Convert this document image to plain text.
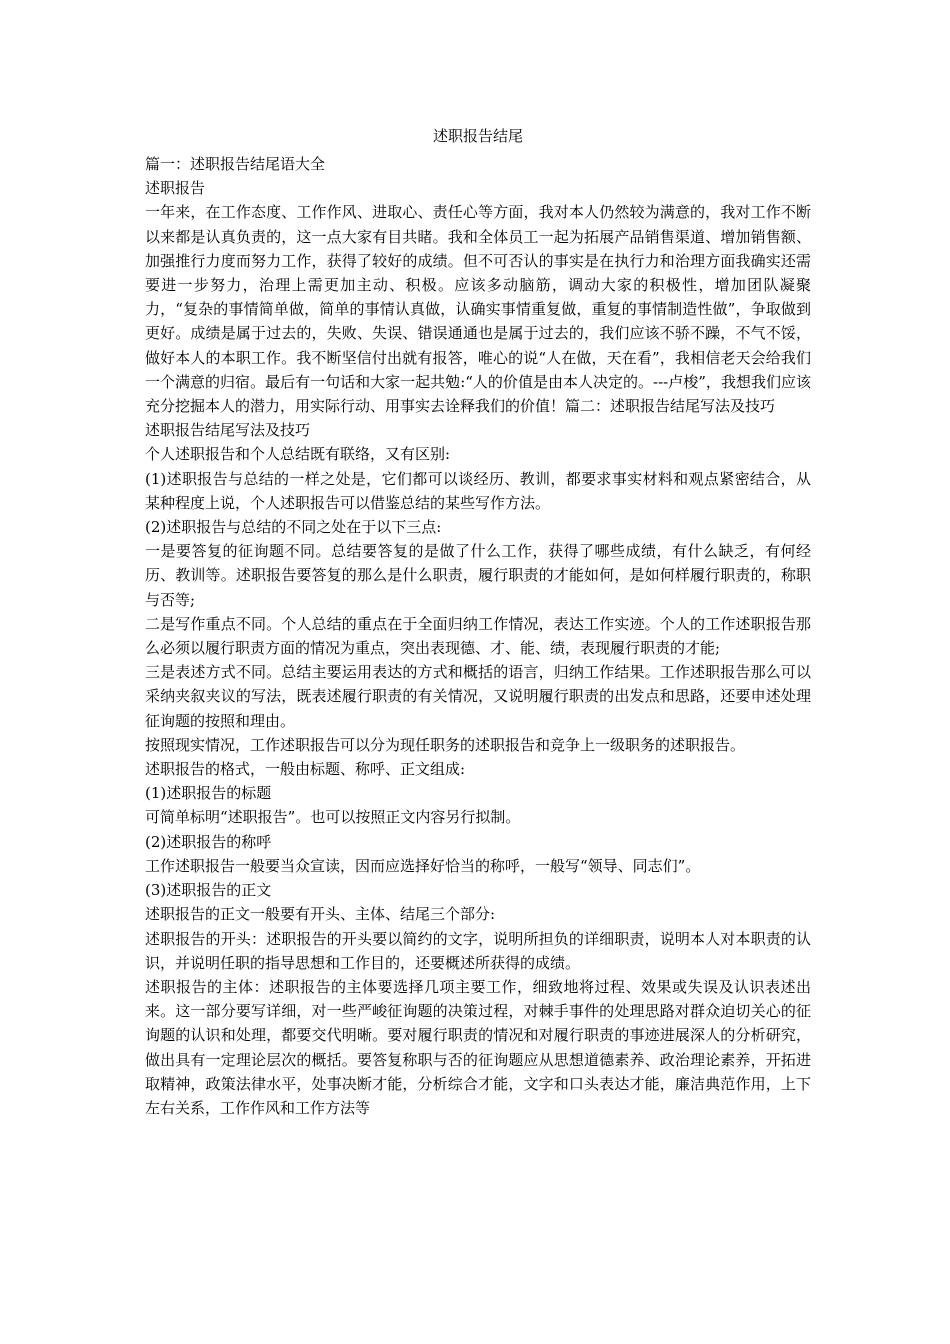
述职报告结尾

篇一：述职报告结尾语大全

述职报告

一年来，在工作态度、工作作风、进取心、责任心等方面，我对本人仍然较为满意的，我对工作不断以来都是认真负责的，这一点大家有目共睹。我和全体员工一起为拓展产品销售渠道、增加销售额、加强推行力度而努力工作，获得了较好的成绩。但不可否认的事实是在执行力和治理方面我确实还需要进一步努力，治理上需更加主动、积极。应该多动脑筋，调动大家的积极性，增加团队凝聚力，“复杂的事情简单做，简单的事情认真做，认确实事情重复做，重复的事情制造性做”，争取做到更好。成绩是属于过去的，失败、失误、错误通通也是属于过去的，我们应该不骄不躁，不气不馁，做好本人的本职工作。我不断坚信付出就有报答，唯心的说“人在做，天在看”，我相信老天会给我们一个满意的归宿。最后有一句话和大家一起共勉:“人的价值是由本人决定的。---卢梭”，我想我们应该充分挖掘本人的潜力，用实际行动、用事实去诠释我们的价值！篇二：述职报告结尾写法及技巧

述职报告结尾写法及技巧

个人述职报告和个人总结既有联络，又有区别:

(1)述职报告与总结的一样之处是，它们都可以谈经历、教训，都要求事实材料和观点紧密结合，从某种程度上说，个人述职报告可以借鉴总结的某些写作方法。

(2)述职报告与总结的不同之处在于以下三点:

一是要答复的征询题不同。总结要答复的是做了什么工作，获得了哪些成绩，有什么缺乏，有何经历、教训等。述职报告要答复的那么是什么职责，履行职责的才能如何，是如何样履行职责的，称职与否等;

二是写作重点不同。个人总结的重点在于全面归纳工作情况，表达工作实迹。个人的工作述职报告那么必须以履行职责方面的情况为重点，突出表现德、才、能、绩，表现履行职责的才能;

三是表述方式不同。总结主要运用表达的方式和概括的语言，归纳工作结果。工作述职报告那么可以采纳夹叙夹议的写法，既表述履行职责的有关情况，又说明履行职责的出发点和思路，还要申述处理征询题的按照和理由。

按照现实情况，工作述职报告可以分为现任职务的述职报告和竞争上一级职务的述职报告。

述职报告的格式，一般由标题、称呼、正文组成:

(1)述职报告的标题

可简单标明“述职报告”。也可以按照正文内容另行拟制。

(2)述职报告的称呼

工作述职报告一般要当众宣读，因而应选择好恰当的称呼，一般写“领导、同志们”。

(3)述职报告的正文

述职报告的正文一般要有开头、主体、结尾三个部分:

述职报告的开头：述职报告的开头要以简约的文字，说明所担负的详细职责，说明本人对本职责的认识，并说明任职的指导思想和工作目的，还要概述所获得的成绩。

述职报告的主体：述职报告的主体要选择几项主要工作，细致地将过程、效果或失误及认识表述出来。这一部分要写详细，对一些严峻征询题的决策过程，对棘手事件的处理思路对群众迫切关心的征询题的认识和处理，都要交代明晰。要对履行职责的情况和对履行职责的事迹进展深人的分析研究，做出具有一定理论层次的概括。要答复称职与否的征询题应从思想道德素养、政治理论素养，开拓进取精神，政策法律水平，处事决断才能，分析综合才能，文字和口头表达才能，廉洁典范作用，上下左右关系，工作作风和工作方法等
